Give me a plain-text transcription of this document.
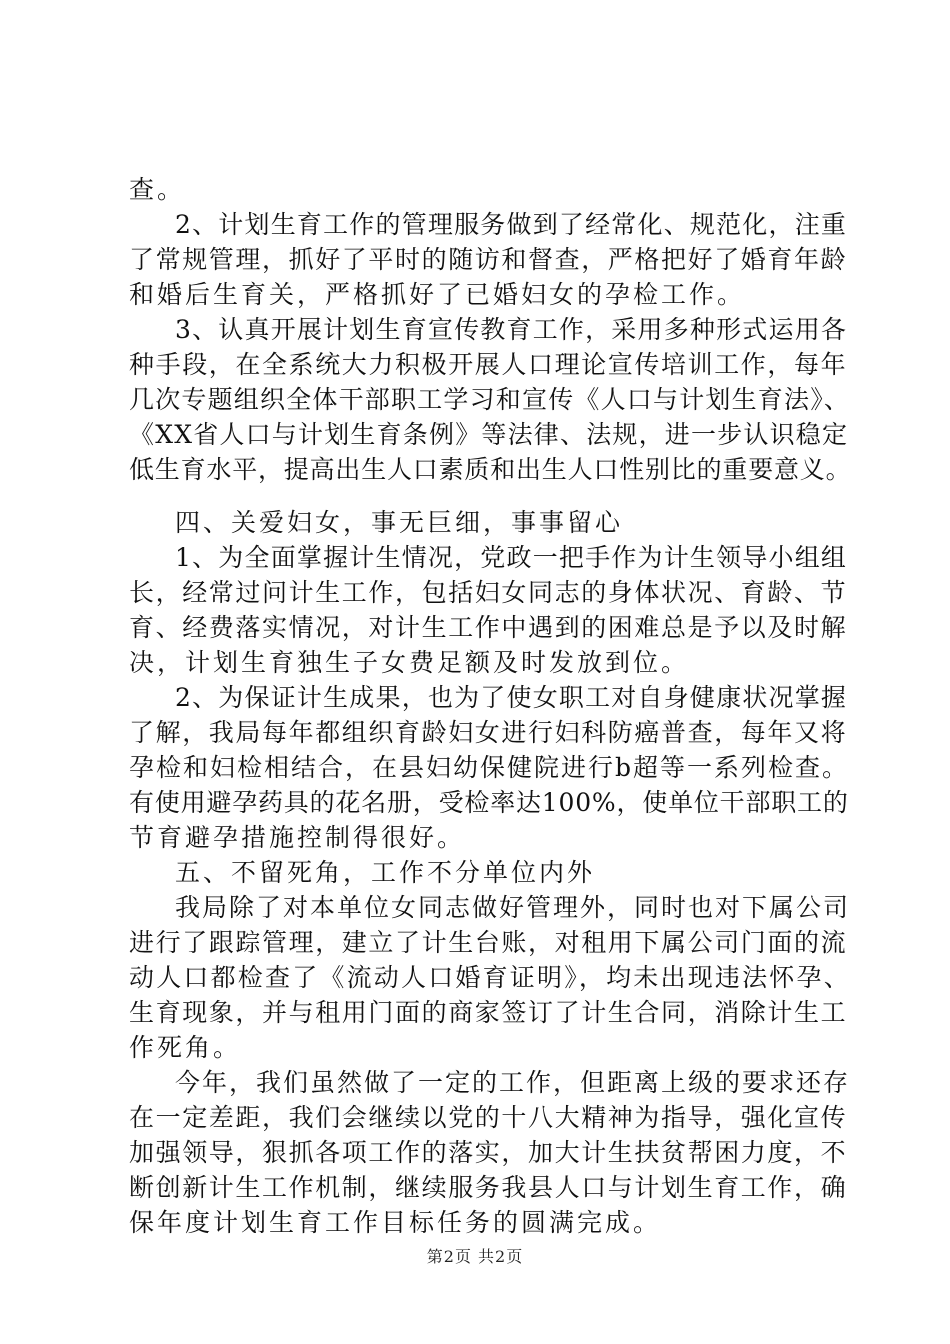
查。
2、计划生育工作的管理服务做到了经常化、规范化，注重
了常规管理，抓好了平时的随访和督查，严格把好了婚育年龄
和婚后生育关，严格抓好了已婚妇女的孕检工作。
3、认真开展计划生育宣传教育工作，采用多种形式运用各
种手段，在全系统大力积极开展人口理论宣传培训工作，每年
几次专题组织全体干部职工学习和宣传《人口与计划生育法》、
《XX省人口与计划生育条例》等法律、法规，进一步认识稳定
低生育水平，提高出生人口素质和出生人口性别比的重要意义。
四、关爱妇女，事无巨细，事事留心
1、为全面掌握计生情况，党政一把手作为计生领导小组组
长，经常过问计生工作，包括妇女同志的身体状况、育龄、节
育、经费落实情况，对计生工作中遇到的困难总是予以及时解
决，计划生育独生子女费足额及时发放到位。
2、为保证计生成果，也为了使女职工对自身健康状况掌握
了解，我局每年都组织育龄妇女进行妇科防癌普查，每年又将
孕检和妇检相结合，在县妇幼保健院进行b超等一系列检查。
有使用避孕药具的花名册，受检率达100%，使单位干部职工的
节育避孕措施控制得很好。
五、不留死角，工作不分单位内外
我局除了对本单位女同志做好管理外，同时也对下属公司
进行了跟踪管理，建立了计生台账，对租用下属公司门面的流
动人口都检查了《流动人口婚育证明》，均未出现违法怀孕、
生育现象，并与租用门面的商家签订了计生合同，消除计生工
作死角。
今年，我们虽然做了一定的工作，但距离上级的要求还存
在一定差距，我们会继续以党的十八大精神为指导，强化宣传
加强领导，狠抓各项工作的落实，加大计生扶贫帮困力度，不
断创新计生工作机制，继续服务我县人口与计划生育工作，确
保年度计划生育工作目标任务的圆满完成。
第2页 共2页
